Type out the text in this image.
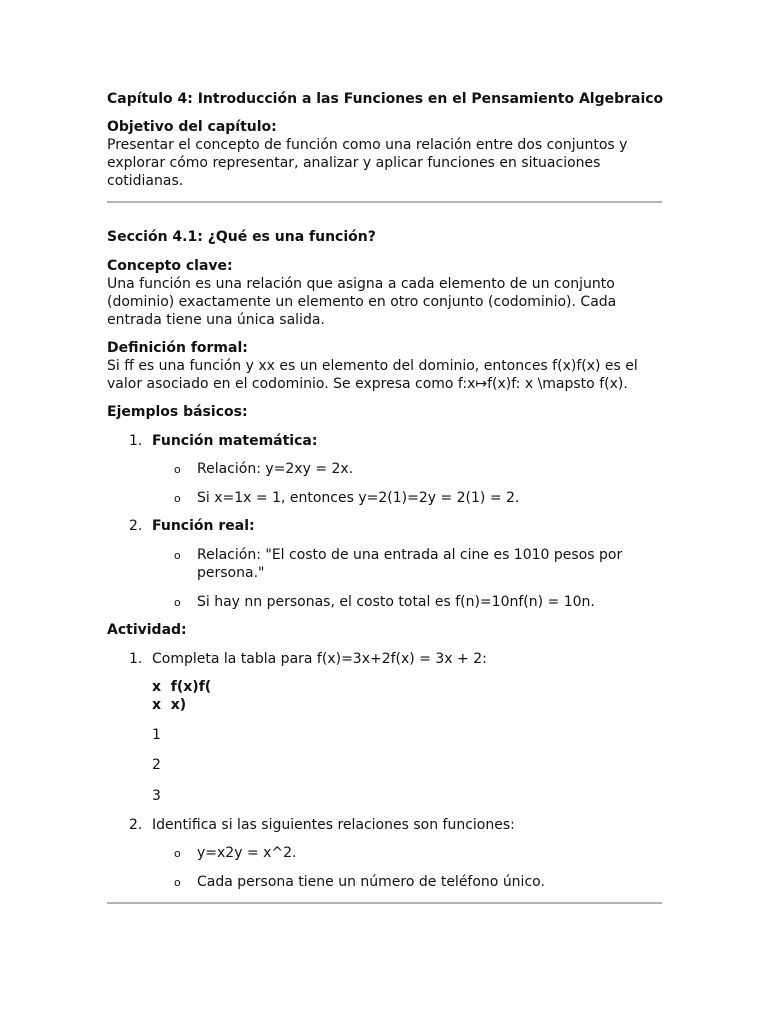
Capítulo 4: Introducción a las Funciones en el Pensamiento Algebraico
Objetivo del capítulo:
Presentar el concepto de función como una relación entre dos conjuntos y
explorar cómo representar, analizar y aplicar funciones en situaciones
cotidianas.
Sección 4.1: ¿Qué es una función?
Concepto clave:
Una función es una relación que asigna a cada elemento de un conjunto
(dominio) exactamente un elemento en otro conjunto (codominio). Cada
entrada tiene una única salida.
Definición formal:
Si ff es una función y xx es un elemento del dominio, entonces f(x)f(x) es el
valor asociado en el codominio. Se expresa como f:x↦f(x)f: x \mapsto f(x).
Ejemplos básicos:
1. Función matemática:
o Relación: y=2xy = 2x.
o Si x=1x = 1, entonces y=2(1)=2y = 2(1) = 2.
2. Función real:
o Relación: "El costo de una entrada al cine es 1010 pesos por
persona."
o Si hay nn personas, el costo total es f(n)=10nf(n) = 10n.
Actividad:
1. Completa la tabla para f(x)=3x+2f(x) = 3x + 2:
x  f(x)f(
x  x)
1
2
3
2. Identifica si las siguientes relaciones son funciones:
o y=x2y = x^2.
o Cada persona tiene un número de teléfono único.
